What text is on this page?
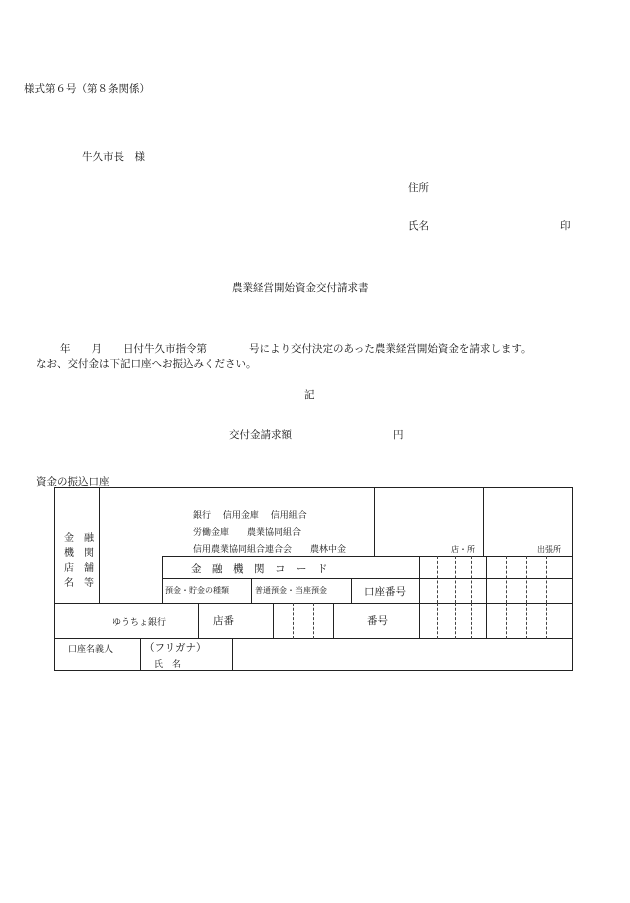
様式第６号（第８条関係）
牛久市長　様
住所
氏名	印
農業経営開始資金交付請求書
年　　月　　日付牛久市指令第　　　　号により交付決定のあった農業経営開始資金を請求します。
なお、交付金は下記口座へお振込みください。
記
交付金請求額	円
資金の振込口座
金　融
機　関
店　舗
名　等
銀行　 信用金庫　 信用組合
労働金庫　　農業協同組合
信用農業協同組合連合会　　農林中金	店・所	出張所
金　融　機　関　コ　ー　ド
預金・貯金の種類	普通預金・当座預金	口座番号
ゆうちょ銀行	店番	番号
口座名義人	（フリガナ）
氏　名
